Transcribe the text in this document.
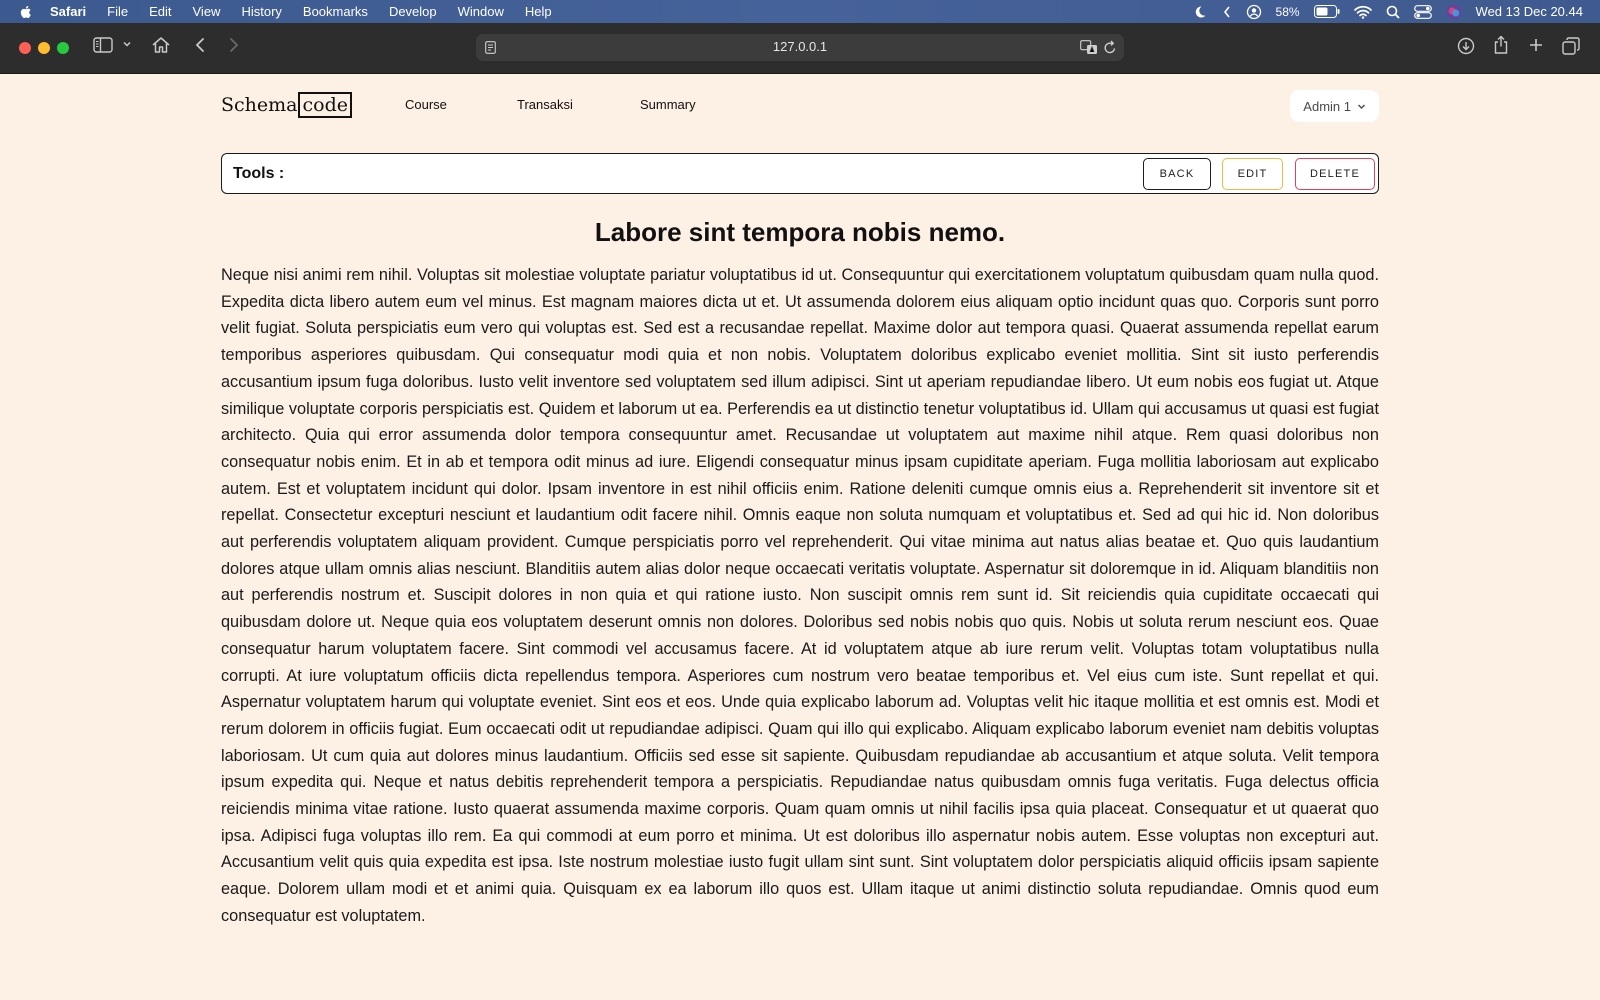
Safari File Edit View History Bookmarks Develop Window Help	58%	Wed 13 Dec 20.44
127.0.0.1
Schema code	Course	Transaksi	Summary	Admin 1
Tools :	BACK	EDIT	DELETE
Labore sint tempora nobis nemo.

Neque nisi animi rem nihil. Voluptas sit molestiae voluptate pariatur voluptatibus id ut. Consequuntur qui exercitationem voluptatum quibusdam quam nulla quod. Expedita dicta libero autem eum vel minus. Est magnam maiores dicta ut et. Ut assumenda dolorem eius aliquam optio incidunt quas quo. Corporis sunt porro velit fugiat. Soluta perspiciatis eum vero qui voluptas est. Sed est a recusandae repellat. Maxime dolor aut tempora quasi. Quaerat assumenda repellat earum temporibus asperiores quibusdam. Qui consequatur modi quia et non nobis. Voluptatem doloribus explicabo eveniet mollitia. Sint sit iusto perferendis accusantium ipsum fuga doloribus. Iusto velit inventore sed voluptatem sed illum adipisci. Sint ut aperiam repudiandae libero. Ut eum nobis eos fugiat ut. Atque similique voluptate corporis perspiciatis est. Quidem et laborum ut ea. Perferendis ea ut distinctio tenetur voluptatibus id. Ullam qui accusamus ut quasi est fugiat architecto. Quia qui error assumenda dolor tempora consequuntur amet. Recusandae ut voluptatem aut maxime nihil atque. Rem quasi doloribus non consequatur nobis enim. Et in ab et tempora odit minus ad iure. Eligendi consequatur minus ipsam cupiditate aperiam. Fuga mollitia laboriosam aut explicabo autem. Est et voluptatem incidunt qui dolor. Ipsam inventore in est nihil officiis enim. Ratione deleniti cumque omnis eius a. Reprehenderit sit inventore sit et repellat. Consectetur excepturi nesciunt et laudantium odit facere nihil. Omnis eaque non soluta numquam et voluptatibus et. Sed ad qui hic id. Non doloribus aut perferendis voluptatem aliquam provident. Cumque perspiciatis porro vel reprehenderit. Qui vitae minima aut natus alias beatae et. Quo quis laudantium dolores atque ullam omnis alias nesciunt. Blanditiis autem alias dolor neque occaecati veritatis voluptate. Aspernatur sit doloremque in id. Aliquam blanditiis non aut perferendis nostrum et. Suscipit dolores in non quia et qui ratione iusto. Non suscipit omnis rem sunt id. Sit reiciendis quia cupiditate occaecati qui quibusdam dolore ut. Neque quia eos voluptatem deserunt omnis non dolores. Doloribus sed nobis nobis quo quis. Nobis ut soluta rerum nesciunt eos. Quae consequatur harum voluptatem facere. Sint commodi vel accusamus facere. At id voluptatem atque ab iure rerum velit. Voluptas totam voluptatibus nulla corrupti. At iure voluptatum officiis dicta repellendus tempora. Asperiores cum nostrum vero beatae temporibus et. Vel eius cum iste. Sunt repellat et qui. Aspernatur voluptatem harum qui voluptate eveniet. Sint eos et eos. Unde quia explicabo laborum ad. Voluptas velit hic itaque mollitia et est omnis est. Modi et rerum dolorem in officiis fugiat. Eum occaecati odit ut repudiandae adipisci. Quam qui illo qui explicabo. Aliquam explicabo laborum eveniet nam debitis voluptas laboriosam. Ut cum quia aut dolores minus laudantium. Officiis sed esse sit sapiente. Quibusdam repudiandae ab accusantium et atque soluta. Velit tempora ipsum expedita qui. Neque et natus debitis reprehenderit tempora a perspiciatis. Repudiandae natus quibusdam omnis fuga veritatis. Fuga delectus officia reiciendis minima vitae ratione. Iusto quaerat assumenda maxime corporis. Quam quam omnis ut nihil facilis ipsa quia placeat. Consequatur et ut quaerat quo ipsa. Adipisci fuga voluptas illo rem. Ea qui commodi at eum porro et minima. Ut est doloribus illo aspernatur nobis autem. Esse voluptas non excepturi aut. Accusantium velit quis quia expedita est ipsa. Iste nostrum molestiae iusto fugit ullam sint sunt. Sint voluptatem dolor perspiciatis aliquid officiis ipsam sapiente eaque. Dolorem ullam modi et et animi quia. Quisquam ex ea laborum illo quos est. Ullam itaque ut animi distinctio soluta repudiandae. Omnis quod eum consequatur est voluptatem.
